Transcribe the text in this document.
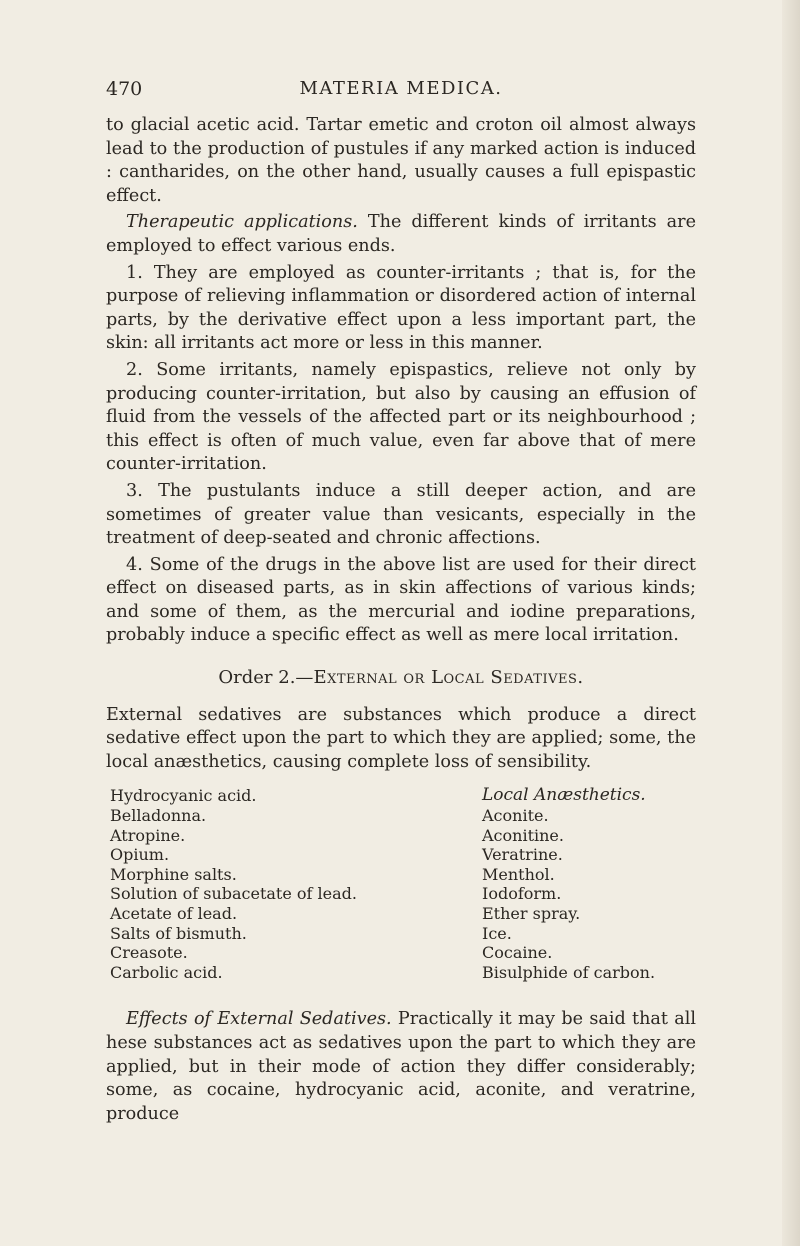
470	MATERIA MEDICA.

to glacial acetic acid. Tartar emetic and croton oil almost always lead to the production of pustules if any marked action is induced : cantharides, on the other hand, usually causes a full epispastic effect.

Therapeutic applications. The different kinds of irritants are employed to effect various ends.

1. They are employed as counter-irritants ; that is, for the purpose of relieving inflammation or disordered action of internal parts, by the derivative effect upon a less important part, the skin: all irritants act more or less in this manner.

2. Some irritants, namely epispastics, relieve not only by producing counter-irritation, but also by causing an effusion of fluid from the vessels of the affected part or its neighbourhood ; this effect is often of much value, even far above that of mere counter-irritation.

3. The pustulants induce a still deeper action, and are sometimes of greater value than vesicants, especially in the treatment of deep-seated and chronic affections.

4. Some of the drugs in the above list are used for their direct effect on diseased parts, as in skin affections of various kinds; and some of them, as the mercurial and iodine preparations, probably induce a specific effect as well as mere local irritation.

Order 2.—External or Local Sedatives.

External sedatives are substances which produce a direct sedative effect upon the part to which they are applied; some, the local anæsthetics, causing complete loss of sensibility.

Hydrocyanic acid.
Belladonna.
Atropine.
Opium.
Morphine salts.
Solution of subacetate of lead.
Acetate of lead.
Salts of bismuth.
Creasote.
Carbolic acid.
Local Anæsthetics.
Aconite.
Aconitine.
Veratrine.
Menthol.
Iodoform.
Ether spray.
Ice.
Cocaine.
Bisulphide of carbon.

Effects of External Sedatives. Practically it may be said that all hese substances act as sedatives upon the part to which they are applied, but in their mode of action they differ considerably; some, as cocaine, hydrocyanic acid, aconite, and veratrine, produce
